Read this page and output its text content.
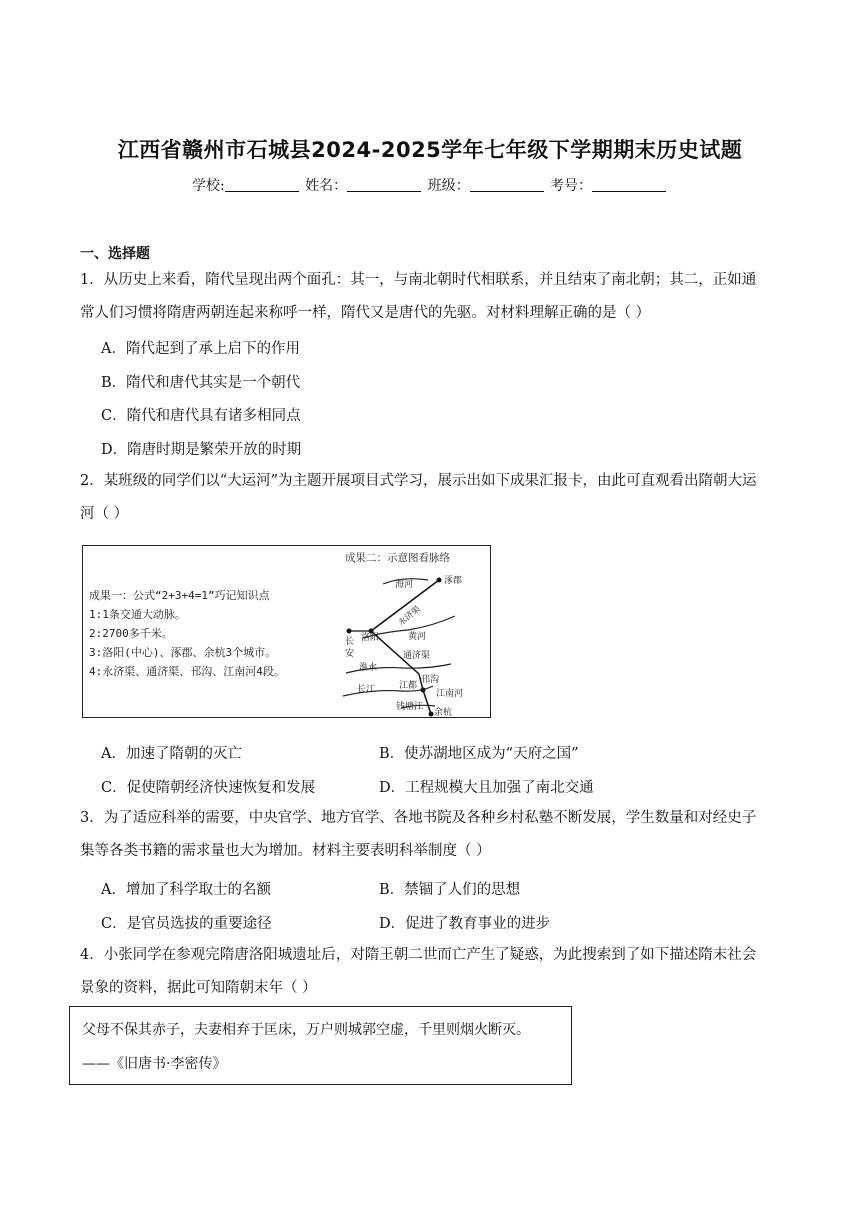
江西省赣州市石城县2024-2025学年七年级下学期期末历史试题
学校:	姓名：	班级：	考号：
一、选择题
1．从历史上来看，隋代呈现出两个面孔：其一，与南北朝时代相联系，并且结束了南北朝；其二，正如通
常人们习惯将隋唐两朝连起来称呼一样，隋代又是唐代的先驱。对材料理解正确的是（ ）
A．隋代起到了承上启下的作用
B．隋代和唐代其实是一个朝代
C．隋代和唐代具有诸多相同点
D．隋唐时期是繁荣开放的时期
2．某班级的同学们以“大运河”为主题开展项目式学习，展示出如下成果汇报卡，由此可直观看出隋朝大运
河（ ）
成果一：公式“2+3+4=1”巧记知识点
1:1条交通大动脉。
2:2700多千米。
3:洛阳(中心)、涿郡、余杭3个城市。
4:永济渠、通济渠、邗沟、江南河4段。
成果二：示意图看脉络
海河	涿郡
永济渠
长
安
洛阳	黄河
通济渠
淮水
邗沟
长江	江都
江南河
钱塘江
余杭
A．加速了隋朝的灭亡	B．使苏湖地区成为“天府之国”
C．促使隋朝经济快速恢复和发展	D．工程规模大且加强了南北交通
3．为了适应科举的需要，中央官学、地方官学、各地书院及各种乡村私塾不断发展，学生数量和对经史子
集等各类书籍的需求量也大为增加。材料主要表明科举制度（ ）
A．增加了科学取士的名额	B．禁锢了人们的思想
C．是官员选拔的重要途径	D．促进了教育事业的进步
4．小张同学在参观完隋唐洛阳城遗址后，对隋王朝二世而亡产生了疑惑，为此搜索到了如下描述隋末社会
景象的资料，据此可知隋朝末年（ ）
父母不保其赤子，夫妻相弃于匡床，万户则城郭空虚，千里则烟火断灭。
——《旧唐书·李密传》
